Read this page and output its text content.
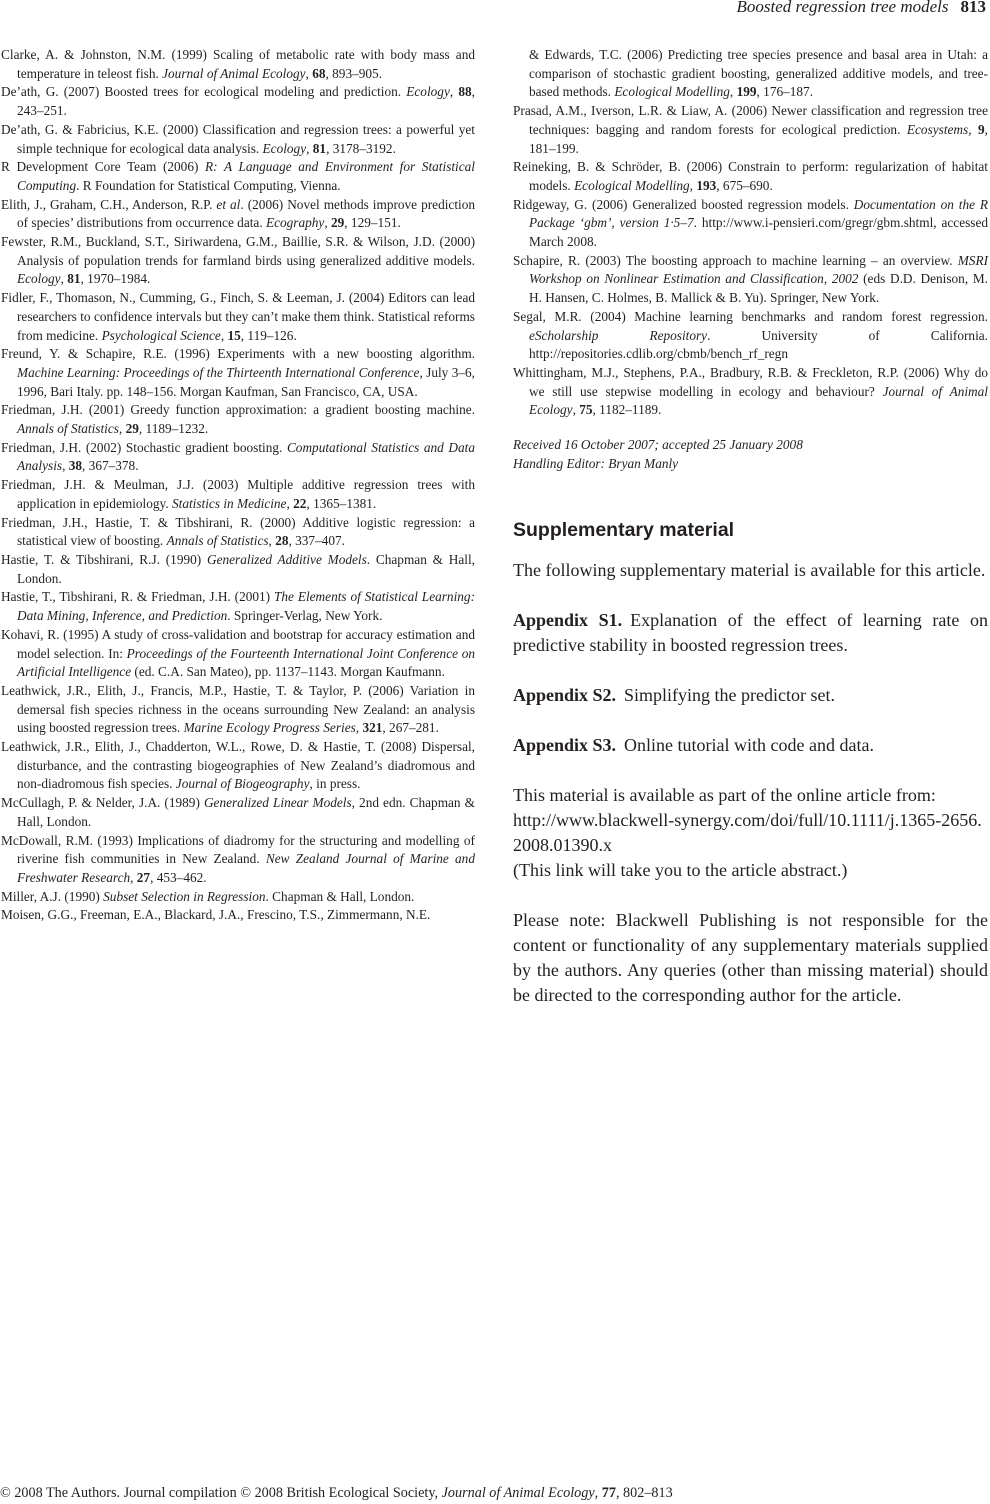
Boosted regression tree models 813

Clarke, A. & Johnston, N.M. (1999) Scaling of metabolic rate with body mass and temperature in teleost fish. Journal of Animal Ecology, 68, 893–905.

De’ath, G. (2007) Boosted trees for ecological modeling and prediction. Ecology, 88, 243–251.

De’ath, G. & Fabricius, K.E. (2000) Classification and regression trees: a powerful yet simple technique for ecological data analysis. Ecology, 81, 3178–3192.

R Development Core Team (2006) R: A Language and Environment for Statistical Computing. R Foundation for Statistical Computing, Vienna.

Elith, J., Graham, C.H., Anderson, R.P. et al. (2006) Novel methods improve prediction of species’ distributions from occurrence data. Ecography, 29, 129–151.

Fewster, R.M., Buckland, S.T., Siriwardena, G.M., Baillie, S.R. & Wilson, J.D. (2000) Analysis of population trends for farmland birds using generalized additive models. Ecology, 81, 1970–1984.

Fidler, F., Thomason, N., Cumming, G., Finch, S. & Leeman, J. (2004) Editors can lead researchers to confidence intervals but they can’t make them think. Statistical reforms from medicine. Psychological Science, 15, 119–126.

Freund, Y. & Schapire, R.E. (1996) Experiments with a new boosting algorithm. Machine Learning: Proceedings of the Thirteenth International Conference, July 3–6, 1996, Bari Italy. pp. 148–156. Morgan Kaufman, San Francisco, CA, USA.

Friedman, J.H. (2001) Greedy function approximation: a gradient boosting machine. Annals of Statistics, 29, 1189–1232.

Friedman, J.H. (2002) Stochastic gradient boosting. Computational Statistics and Data Analysis, 38, 367–378.

Friedman, J.H. & Meulman, J.J. (2003) Multiple additive regression trees with application in epidemiology. Statistics in Medicine, 22, 1365–1381.

Friedman, J.H., Hastie, T. & Tibshirani, R. (2000) Additive logistic regression: a statistical view of boosting. Annals of Statistics, 28, 337–407.

Hastie, T. & Tibshirani, R.J. (1990) Generalized Additive Models. Chapman & Hall, London.

Hastie, T., Tibshirani, R. & Friedman, J.H. (2001) The Elements of Statistical Learning: Data Mining, Inference, and Prediction. Springer-Verlag, New York.

Kohavi, R. (1995) A study of cross-validation and bootstrap for accuracy estimation and model selection. In: Proceedings of the Fourteenth International Joint Conference on Artificial Intelligence (ed. C.A. San Mateo), pp. 1137–1143. Morgan Kaufmann.

Leathwick, J.R., Elith, J., Francis, M.P., Hastie, T. & Taylor, P. (2006) Variation in demersal fish species richness in the oceans surrounding New Zealand: an analysis using boosted regression trees. Marine Ecology Progress Series, 321, 267–281.

Leathwick, J.R., Elith, J., Chadderton, W.L., Rowe, D. & Hastie, T. (2008) Dispersal, disturbance, and the contrasting biogeographies of New Zealand’s diadromous and non-diadromous fish species. Journal of Biogeography, in press.

McCullagh, P. & Nelder, J.A. (1989) Generalized Linear Models, 2nd edn. Chapman & Hall, London.

McDowall, R.M. (1993) Implications of diadromy for the structuring and modelling of riverine fish communities in New Zealand. New Zealand Journal of Marine and Freshwater Research, 27, 453–462.

Miller, A.J. (1990) Subset Selection in Regression. Chapman & Hall, London.

Moisen, G.G., Freeman, E.A., Blackard, J.A., Frescino, T.S., Zimmermann, N.E.

& Edwards, T.C. (2006) Predicting tree species presence and basal area in Utah: a comparison of stochastic gradient boosting, generalized additive models, and tree-based methods. Ecological Modelling, 199, 176–187.

Prasad, A.M., Iverson, L.R. & Liaw, A. (2006) Newer classification and regression tree techniques: bagging and random forests for ecological prediction. Ecosystems, 9, 181–199.

Reineking, B. & Schröder, B. (2006) Constrain to perform: regularization of habitat models. Ecological Modelling, 193, 675–690.

Ridgeway, G. (2006) Generalized boosted regression models. Documentation on the R Package ‘gbm’, version 1·5–7. http://www.i-pensieri.com/gregr/gbm.shtml, accessed March 2008.

Schapire, R. (2003) The boosting approach to machine learning – an overview. MSRI Workshop on Nonlinear Estimation and Classification, 2002 (eds D.D. Denison, M. H. Hansen, C. Holmes, B. Mallick & B. Yu). Springer, New York.

Segal, M.R. (2004) Machine learning benchmarks and random forest regression. eScholarship Repository. University of California. http://repositories.cdlib.org/cbmb/bench_rf_regn

Whittingham, M.J., Stephens, P.A., Bradbury, R.B. & Freckleton, R.P. (2006) Why do we still use stepwise modelling in ecology and behaviour? Journal of Animal Ecology, 75, 1182–1189.

Received 16 October 2007; accepted 25 January 2008
Handling Editor: Bryan Manly
Supplementary material

The following supplementary material is available for this article.

Appendix S1. Explanation of the effect of learning rate on predictive stability in boosted regression trees.

Appendix S2. Simplifying the predictor set.

Appendix S3. Online tutorial with code and data.

This material is available as part of the online article from:

http://www.blackwell-synergy.com/doi/full/10.1111/j.1365-2656.2008.01390.x

(This link will take you to the article abstract.)

Please note: Blackwell Publishing is not responsible for the content or functionality of any supplementary materials supplied by the authors. Any queries (other than missing material) should be directed to the corresponding author for the article.

© 2008 The Authors. Journal compilation © 2008 British Ecological Society, Journal of Animal Ecology, 77, 802–813
